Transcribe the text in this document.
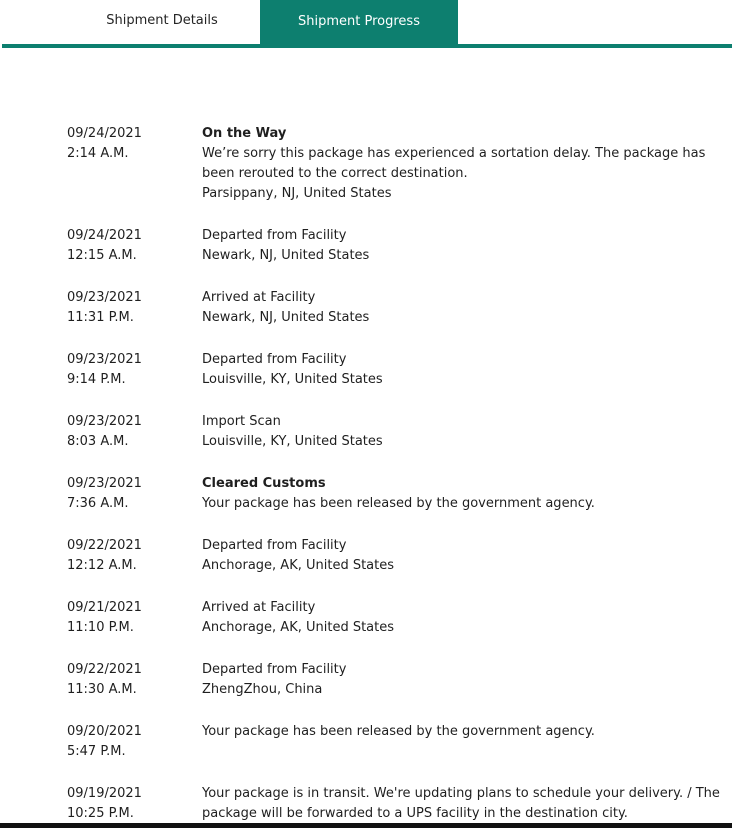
Shipment Details	Shipment Progress
09/24/2021
2:14 A.M.
On the Way
We’re sorry this package has experienced a sortation delay. The package has been rerouted to the correct destination.
Parsippany, NJ, United States
09/24/2021
12:15 A.M.
Departed from Facility
Newark, NJ, United States
09/23/2021
11:31 P.M.
Arrived at Facility
Newark, NJ, United States
09/23/2021
9:14 P.M.
Departed from Facility
Louisville, KY, United States
09/23/2021
8:03 A.M.
Import Scan
Louisville, KY, United States
09/23/2021
7:36 A.M.
Cleared Customs
Your package has been released by the government agency.
09/22/2021
12:12 A.M.
Departed from Facility
Anchorage, AK, United States
09/21/2021
11:10 P.M.
Arrived at Facility
Anchorage, AK, United States
09/22/2021
11:30 A.M.
Departed from Facility
ZhengZhou, China
09/20/2021
5:47 P.M.
Your package has been released by the government agency.
09/19/2021
10:25 P.M.
Your package is in transit. We're updating plans to schedule your delivery. / The package will be forwarded to a UPS facility in the destination city.
